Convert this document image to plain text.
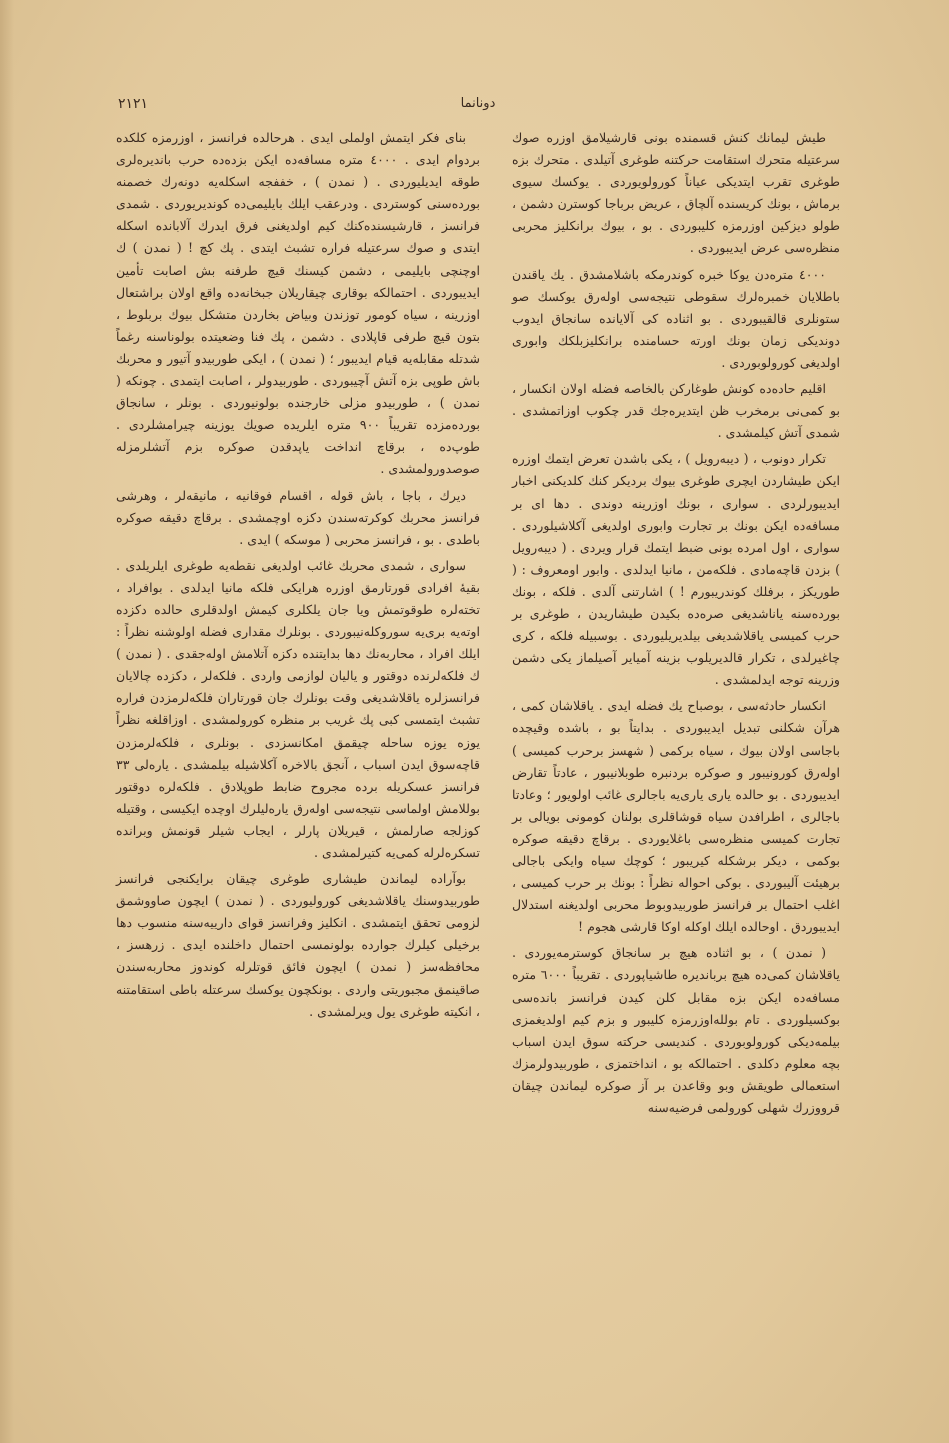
۲۱۲۱	دونانما

طیش لیمانك كنش قسمنده بونی قارشیلامق اوزره صوك سرعتیله متحرك استقامت حركتنه طوغری آتیلدی . متحرك بزه طوغری تقرب ایتدیكی عیاناً كورولویوردی . یوكسك سیوی برماش ، بونك كریسنده آلچاق ، عریض برباجا كوسترن دشمن ، طولو دیزكین اوزرمزه كلیبوردی . بو ، بیوك برانكلیز محربی منظره‌سی عرض ایدیبوردی .

٤٠٠٠ مترەدن یوكا خبره كوندرمكه باشلامشدق . یك یاقندن باطلایان خمبره‌لرك سقوطی نتیجه‌سی اولەرق یوكسك صو ستونلری قالقیبوردی . بو اثناده كی آلایانده سانجاق ایدوب دوندیكی زمان بونك اورته حسامنده برانكلیزبلكك وابوری اولدیغی كورولوبوردی .

اقلیم حادەده كونش طوغاركن بالخاصه فضله اولان انكسار ، بو كمی‌نی برمخرب ظن ایتدیره‌جك قدر چكوب اوزاتمشدی . شمدی آتش كیلمشدی .

تكرار دونوب ، ( دیبه‌رویل ) ، یكی باشدن تعرض ایتمك اوزره ایكن طیشاردن ایچری طوغری بیوك بردیكر كنك كلدیكنی اخبار ایدیبورلردی . سواری ، بونك اوزرینه دوندی . دها ای بر مسافه‌ده ایكن بونك بر تجارت وابوری اولدیغی آكلاشیلوردی . سواری ، اول امرده بونی ضبط ایتمك قرار ویردی . ( دیبه‌رویل ) بزدن قاچه‌مادی . فلكه‌من ، مانیا ایدلدی . وابور اومعروف : ( طوریكز ، برفلك كوندریبورم ! ) اشارتنی آلدی . فلكه ، بونك بوردەسنه یاناشدیغی صره‌ده بكیدن طیشاریدن ، طوغری بر حرب كمیسی یاقلاشدیغی بیلدیریلیوردی . بوسبیله فلكه ، كری چاغیرلدی ، تكرار قالدیریلوب بزینه آمیایر آصیلماز یكی دشمن وزرینه توجه ایدلمشدی .

انكسار حادثه‌سی ، بوصباح یك فضله ایدی . یاقلاشان كمی ، هرآن شكلنی تبدیل ایدیبوردی . بدایتاً بو ، باشده وقیچده باجاسی اولان بیوك ، سیاه بركمی ( شهسز برحرب كمیسی ) اولەرق كورونیبور و صوكره بردنبره طوبلانیبور ، عادتاً تقارض ایدیبوردی . بو حالده یاری یاری‌یه باجالری غائب اولویور ؛ وعادتا باجالری ، اطرافدن سیاه قوشاقلری بولنان كومونی بویالی بر تجارت كمیسی منظره‌سی باغلایوردی . برقاچ دقیقه صوكره بوكمی ، دیكر برشكله كیریبور ؛ كوچك سیاه وایكی باجالی برهیئت آلیبوردی . بوكی احواله نظراً : بونك بر حرب كمیسی ، اغلب احتمال بر فرانسز طوربیدوبوط محربی اولدیغنه استدلال ایدیبوردق . اوحالده ایلك اوكله اوكا قارشی هجوم !

( نمدن ) ، بو اثناده هیچ بر سانجاق كوسترمه‌یوردی . یاقلاشان كمی‌ده هیچ برباندیره طاشیاپوردی . تقریباً ٦٠٠٠ متره مسافه‌ده ایكن بزه مقابل كلن كیدن فرانسز بانده‌سی بوكسیلوردی . تام بوللەاوزرمزه كلیبور و بزم كیم اولدیغمزی بیلمه‌دیكی كورولوبوردی . كندیسی حركته سوق ایدن اسباب بچه معلوم دكلدی . احتمالكه بو ، انداختمزی ، طوربیدولرمزك استعمالی طویقش وبو وقاعدن بر آز صوكره لیماندن چیقان قرووزرك شهلی كورولمی فرضیه‌سنه

بنای فكر ایتمش اولملی ایدی . هرحالده فرانسز ، اوزرمزه كلكده بردوام ایدی . ٤٠٠٠ متره مسافه‌ده ایكن بزده‌ده حرب باندیره‌لری طوقه ایدیلیوردی . ( نمدن ) ، خففجه اسكله‌یه دونه‌رك خصمنه بورده‌سنی كوستردی . ودرعقب ایلك بایلیمی‌ده كوندیریوردی . شمدی فرانسز ، قارشیسنده‌كنك كیم اولدیغنی فرق ایدرك آلابانده اسكله ایتدی و صوك سرعتیله فراره تشبث ایتدی . پك كچ ! ( نمدن ) ك اوچنچی بایلیمی ، دشمن كیسنك قیچ طرفنه بش اصابت تأمین ایدیبوردی . احتمالكه بوقاری چیقاریلان جبخانه‌ده واقع اولان براشتعال اوزرینه ، سیاه كومور توزندن وبیاض بخاردن متشكل بیوك بربلوط ، بتون قیچ طرفی قاپلادی . دشمن ، پك فنا وضعیتده بولوناسنه رغماً شدتله مقابله‌یه قیام ایدیبور ؛ ( نمدن ) ، ایكی طوربیدو آتیور و محربك باش طوپی بزه آتش آچیبوردی . طوربیدولر ، اصابت ایتمدی . چونكه ( نمدن ) ، طوربیدو مزلی خارجنده بولونیوردی . بونلر ، سانجاق بورده‌مزده تقریباً ٩٠٠ متره ایلریده صویك یوزینه چیرامشلردی . طوپ‌ده ، برقاچ انداخت یاپدقدن صوكره بزم آتشلرمزله صوصدورولمشدی .

دیرك ، باجا ، باش قوله ، اقسام فوقانیه ، مانیقه‌لر ، وهرشی فرانسز محربك كوكرته‌سندن دكزه اوچمشدی . برقاچ دقیقه صوكره باطدی . بو ، فرانسز محربی ( موسكه ) ایدی .

سواری ، شمدی محربك غائب اولدیغی نقطه‌یه طوغری ایلریلدی . بقیهٔ افرادی قورتارمق اوزره هرایكی فلكه مانیا ایدلدی . بوافراد ، تخته‌لره طوقوتمش ویا جان یلكلری كیمش اولدقلری حالده دكزده اوته‌یه بری‌یه سوروكله‌نیبوردی . بونلرك مقداری فضله اولوشنه نظراً : ایلك افراد ، محاربه‌نك دها بدایتنده دكزه آتلامش اوله‌جقدی . ( نمدن ) ك فلكه‌لرنده دوقتور و یالیان لوازمی واردی . فلكه‌لر ، دكزده چالایان فرانسزلره یاقلاشدیغی وقت بونلرك جان قورتاران فلكه‌لرمزدن فراره تشبث ایتمسی كبی پك غریب بر منظره كورولمشدی . اوزاقلغه نظراً یوزه یوزه ساحله چیقمق امكانسزدی . بونلری ، فلكه‌لرمزدن قاچه‌سوق ایدن اسباب ، آنجق بالاخره آكلاشیله بیلمشدی . یارەلی ٣٣ فرانسز عسكریله برده مجروح ضابط طوپلادق . فلكه‌لره دوقتور بوللامش اولماسی نتیجه‌سی اولەرق یاره‌لیلرك اوچده ایكیسی ، وقتیله كوزلجه صارلمش ، قیریلان پارلر ، ایجاب شیلر قونمش وبرانده تسكره‌لرله كمی‌یه كتیرلمشدی .

بوآرادە لیماندن طیشاری طوغری چیقان برایكنجی فرانسز طوربیدوسنك یاقلاشدیغی كورولیوردی . ( نمدن ) ایچون صاووشمق لزومی تحقق ایتمشدی . انكلیز وفرانسز قوای دارییه‌سنه منسوب دها برخیلی كیلرك جوارده بولونمسی احتمال داخلنده ایدی . زرهسز ، محافظه‌سز ( نمدن ) ایچون فائق قوتلرله كوندوز محاربه‌سندن صاقینمق مجبوریتی واردی . بونكچون یوكسك سرعتله باطی استقامتنه ، انكیته طوغری یول ویرلمشدی .
